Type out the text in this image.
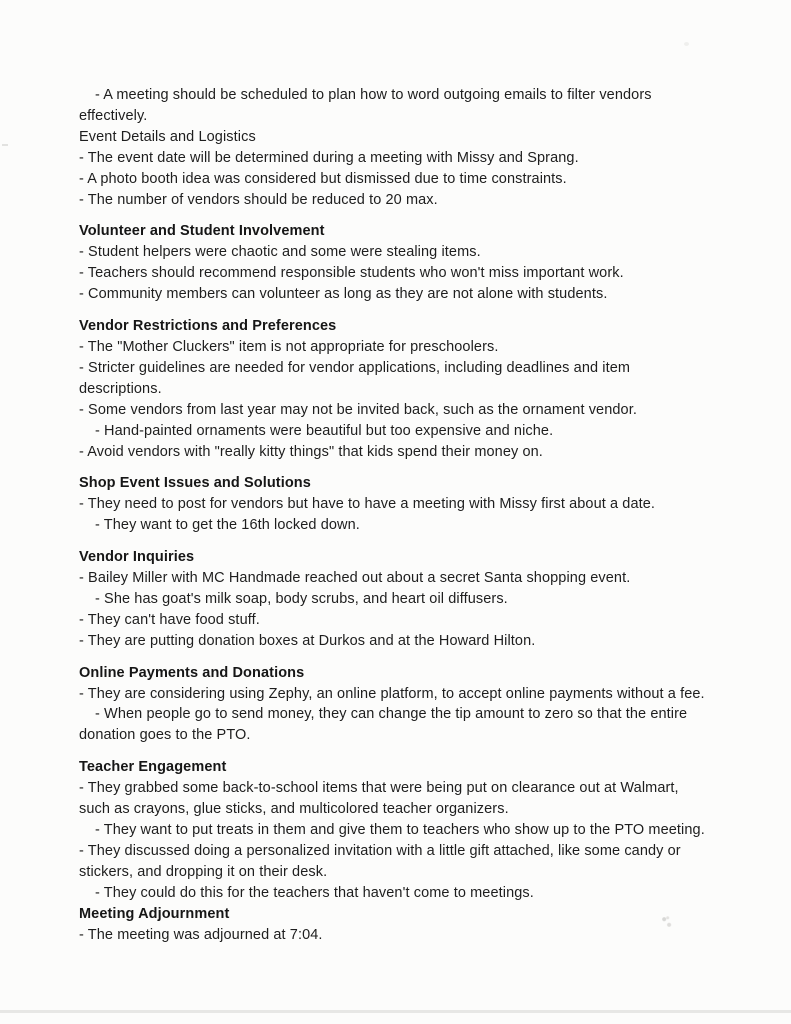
- A meeting should be scheduled to plan how to word outgoing emails to filter vendors
effectively.
Event Details and Logistics
- The event date will be determined during a meeting with Missy and Sprang.
- A photo booth idea was considered but dismissed due to time constraints.
- The number of vendors should be reduced to 20 max.
Volunteer and Student Involvement
- Student helpers were chaotic and some were stealing items.
- Teachers should recommend responsible students who won't miss important work.
- Community members can volunteer as long as they are not alone with students.
Vendor Restrictions and Preferences
- The "Mother Cluckers" item is not appropriate for preschoolers.
- Stricter guidelines are needed for vendor applications, including deadlines and item
descriptions.
- Some vendors from last year may not be invited back, such as the ornament vendor.
- Hand-painted ornaments were beautiful but too expensive and niche.
- Avoid vendors with "really kitty things" that kids spend their money on.
Shop Event Issues and Solutions
- They need to post for vendors but have to have a meeting with Missy first about a date.
- They want to get the 16th locked down.
Vendor Inquiries
- Bailey Miller with MC Handmade reached out about a secret Santa shopping event.
- She has goat's milk soap, body scrubs, and heart oil diffusers.
- They can't have food stuff.
- They are putting donation boxes at Durkos and at the Howard Hilton.
Online Payments and Donations
- They are considering using Zephy, an online platform, to accept online payments without a fee.
- When people go to send money, they can change the tip amount to zero so that the entire
donation goes to the PTO.
Teacher Engagement
- They grabbed some back-to-school items that were being put on clearance out at Walmart,
such as crayons, glue sticks, and multicolored teacher organizers.
- They want to put treats in them and give them to teachers who show up to the PTO meeting.
- They discussed doing a personalized invitation with a little gift attached, like some candy or
stickers, and dropping it on their desk.
- They could do this for the teachers that haven't come to meetings.
Meeting Adjournment
- The meeting was adjourned at 7:04.
